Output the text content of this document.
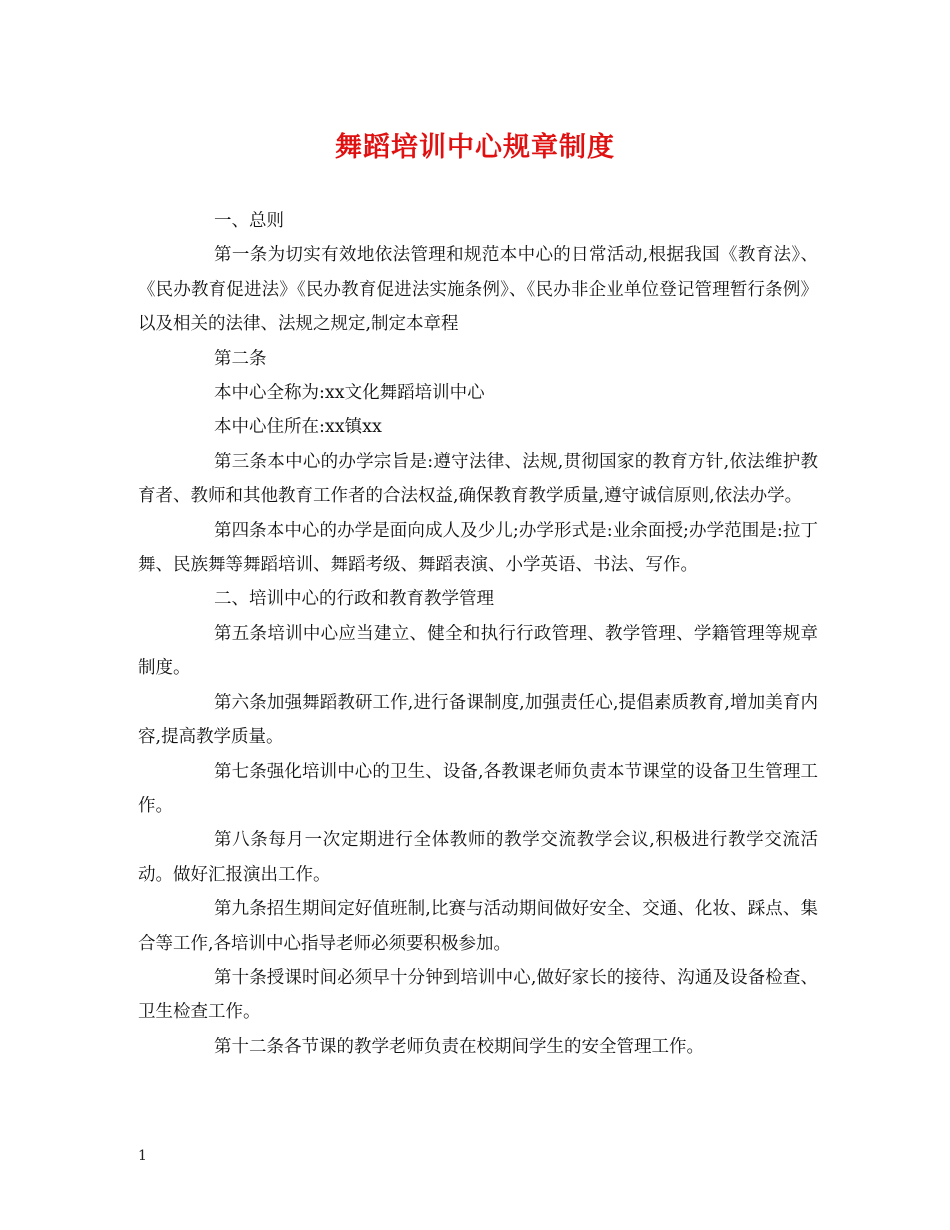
舞蹈培训中心规章制度

一、总则

第一条为切实有效地依法管理和规范本中心的日常活动,根据我国《教育法》、《民办教育促进法》《民办教育促进法实施条例》、《民办非企业单位登记管理暂行条例》以及相关的法律、法规之规定,制定本章程

第二条

本中心全称为:xx文化舞蹈培训中心

本中心住所在:xx镇xx

第三条本中心的办学宗旨是:遵守法律、法规,贯彻国家的教育方针,依法维护教育者、教师和其他教育工作者的合法权益,确保教育教学质量,遵守诚信原则,依法办学。

第四条本中心的办学是面向成人及少儿;办学形式是:业余面授;办学范围是:拉丁舞、民族舞等舞蹈培训、舞蹈考级、舞蹈表演、小学英语、书法、写作。

二、培训中心的行政和教育教学管理

第五条培训中心应当建立、健全和执行行政管理、教学管理、学籍管理等规章制度。

第六条加强舞蹈教研工作,进行备课制度,加强责任心,提倡素质教育,增加美育内容,提高教学质量。

第七条强化培训中心的卫生、设备,各教课老师负责本节课堂的设备卫生管理工作。

第八条每月一次定期进行全体教师的教学交流教学会议,积极进行教学交流活动。做好汇报演出工作。

第九条招生期间定好值班制,比赛与活动期间做好安全、交通、化妆、踩点、集合等工作,各培训中心指导老师必须要积极参加。

第十条授课时间必须早十分钟到培训中心,做好家长的接待、沟通及设备检查、卫生检查工作。

第十二条各节课的教学老师负责在校期间学生的安全管理工作。

1
